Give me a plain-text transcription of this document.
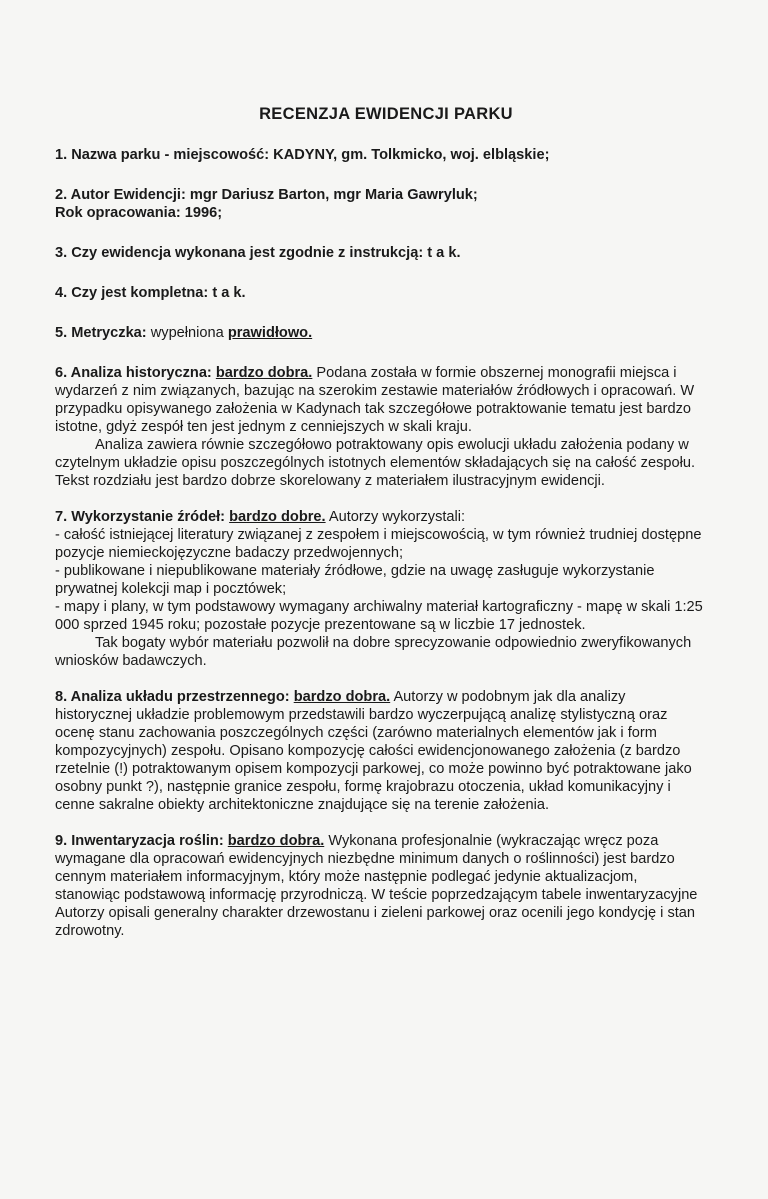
RECENZJA EWIDENCJI PARKU
1. Nazwa parku - miejscowość: KADYNY, gm. Tolkmicko, woj. elbląskie;

2. Autor Ewidencji: mgr Dariusz Barton, mgr Maria Gawryluk;

Rok opracowania: 1996;

3. Czy ewidencja wykonana jest zgodnie z instrukcją: t a k.
4. Czy jest kompletna: t a k.
5. Metryczka: wypełniona prawidłowo.

6. Analiza historyczna: bardzo dobra. Podana została w formie obszernej monografii miejsca i wydarzeń z nim związanych, bazując na szerokim zestawie materiałów źródłowych i opracowań. W przypadku opisywanego założenia w Kadynach tak szczegółowe potraktowanie tematu jest bardzo istotne, gdyż zespół ten jest jednym z cenniejszych w skali kraju.

Analiza zawiera równie szczegółowo potraktowany opis ewolucji układu założenia podany w czytelnym układzie opisu poszczególnych istotnych elementów składających się na całość zespołu. Tekst rozdziału jest bardzo dobrze skorelowany z materiałem ilustracyjnym ewidencji.

7. Wykorzystanie źródeł: bardzo dobre. Autorzy wykorzystali:

- całość istniejącej literatury związanej z zespołem i miejscowością, w tym również trudniej dostępne pozycje niemieckojęzyczne badaczy przedwojennych;

- publikowane i niepublikowane materiały źródłowe, gdzie na uwagę zasługuje wykorzystanie prywatnej kolekcji map i pocztówek;

- mapy i plany, w tym podstawowy wymagany archiwalny materiał kartograficzny - mapę w skali 1:25 000 sprzed 1945 roku; pozostałe pozycje prezentowane są w liczbie 17 jednostek.

Tak bogaty wybór materiału pozwolił na dobre sprecyzowanie odpowiednio zweryfikowanych wniosków badawczych.

8. Analiza układu przestrzennego: bardzo dobra. Autorzy w podobnym jak dla analizy historycznej układzie problemowym przedstawili bardzo wyczerpującą analizę stylistyczną oraz ocenę stanu zachowania poszczególnych części (zarówno materialnych elementów jak i form kompozycyjnych) zespołu. Opisano kompozycję całości ewidencjonowanego założenia (z bardzo rzetelnie (!) potraktowanym opisem kompozycji parkowej, co może powinno być potraktowane jako osobny punkt ?), następnie granice zespołu, formę krajobrazu otoczenia, układ komunikacyjny i cenne sakralne obiekty architektoniczne znajdujące się na terenie założenia.

9. Inwentaryzacja roślin: bardzo dobra. Wykonana profesjonalnie (wykraczając wręcz poza wymagane dla opracowań ewidencyjnych niezbędne minimum danych o roślinności) jest bardzo cennym materiałem informacyjnym, który może następnie podlegać jedynie aktualizacjom, stanowiąc podstawową informację przyrodniczą. W teście poprzedzającym tabele inwentaryzacyjne Autorzy opisali generalny charakter drzewostanu i zieleni parkowej oraz ocenili jego kondycję i stan zdrowotny.
